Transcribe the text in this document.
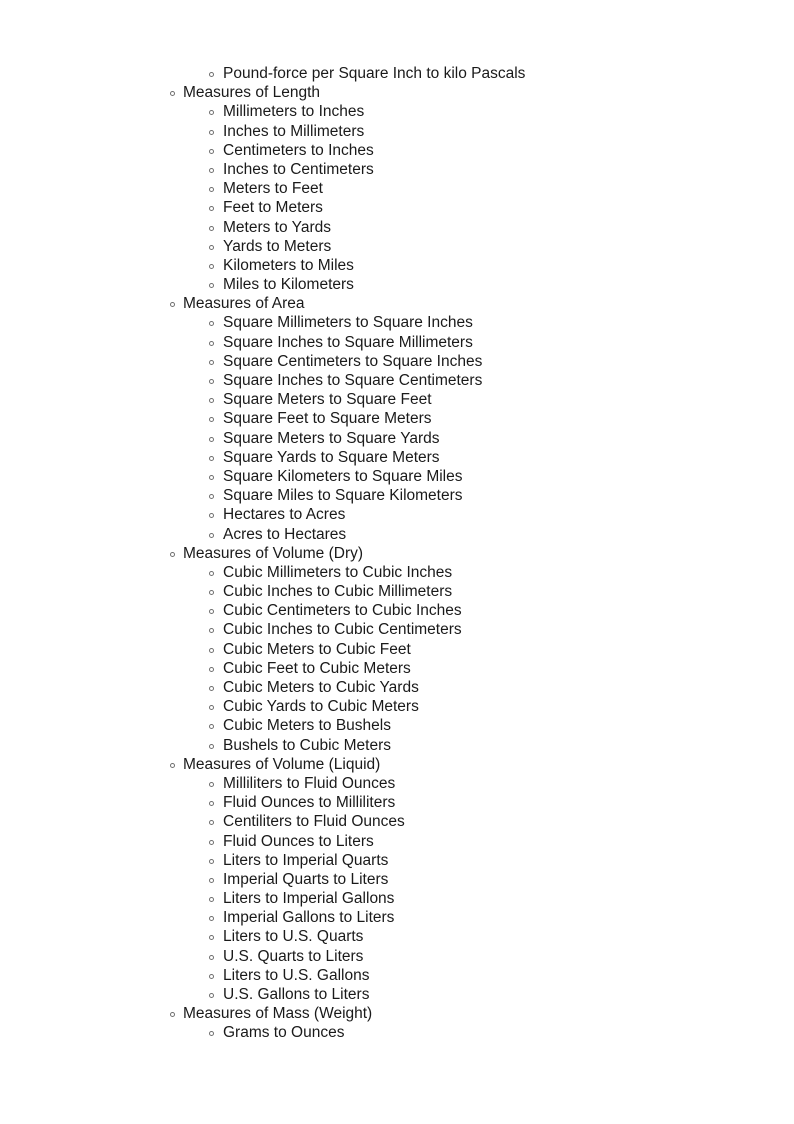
Pound-force per Square Inch to kilo Pascals
Measures of Length
Millimeters to Inches
Inches to Millimeters
Centimeters to Inches
Inches to Centimeters
Meters to Feet
Feet to Meters
Meters to Yards
Yards to Meters
Kilometers to Miles
Miles to Kilometers
Measures of Area
Square Millimeters to Square Inches
Square Inches to Square Millimeters
Square Centimeters to Square Inches
Square Inches to Square Centimeters
Square Meters to Square Feet
Square Feet to Square Meters
Square Meters to Square Yards
Square Yards to Square Meters
Square Kilometers to Square Miles
Square Miles to Square Kilometers
Hectares to Acres
Acres to Hectares
Measures of Volume (Dry)
Cubic Millimeters to Cubic Inches
Cubic Inches to Cubic Millimeters
Cubic Centimeters to Cubic Inches
Cubic Inches to Cubic Centimeters
Cubic Meters to Cubic Feet
Cubic Feet to Cubic Meters
Cubic Meters to Cubic Yards
Cubic Yards to Cubic Meters
Cubic Meters to Bushels
Bushels to Cubic Meters
Measures of Volume (Liquid)
Milliliters to Fluid Ounces
Fluid Ounces to Milliliters
Centiliters to Fluid Ounces
Fluid Ounces to Liters
Liters to Imperial Quarts
Imperial Quarts to Liters
Liters to Imperial Gallons
Imperial Gallons to Liters
Liters to U.S. Quarts
U.S. Quarts to Liters
Liters to U.S. Gallons
U.S. Gallons to Liters
Measures of Mass (Weight)
Grams to Ounces
